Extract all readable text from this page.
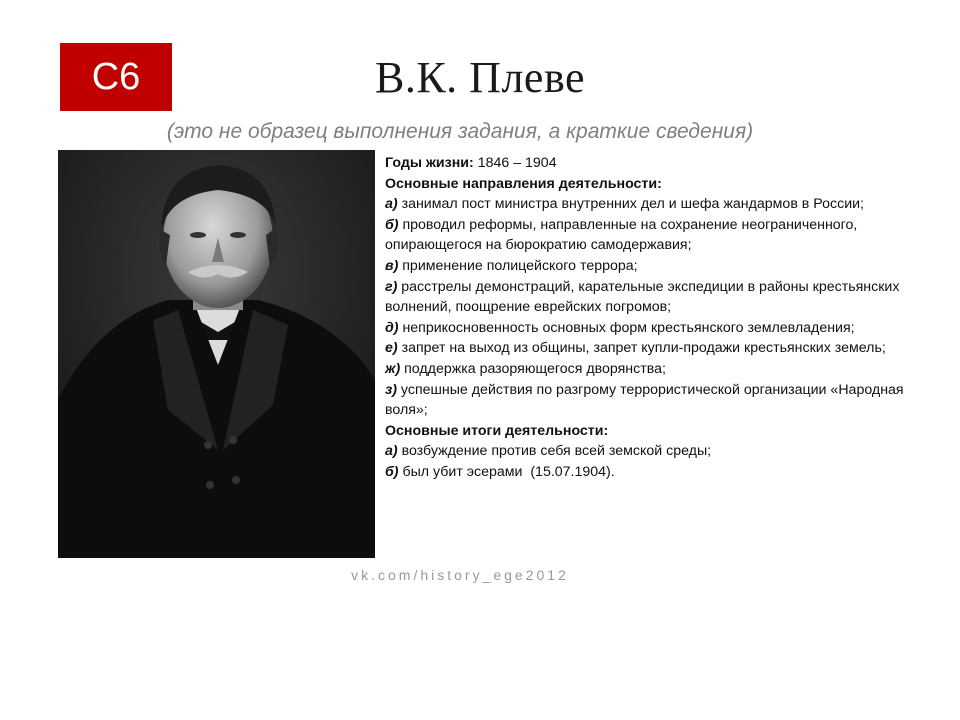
С6	В.К. Плеве
(это не образец выполнения задания, а краткие сведения)

Годы жизни: 1846 – 1904

Основные направления деятельности:

а) занимал пост министра внутренних дел и шефа жандармов в России;

б) проводил реформы, направленные на сохранение неограниченного, опирающегося на бюрократию самодержавия;

в) применение полицейского террора;

г) расстрелы демонстраций, карательные экспедиции в районы крестьянских волнений, поощрение еврейских погромов;

д) неприкосновенность основных форм крестьянского землевладения;

е) запрет на выход из общины, запрет купли-продажи крестьянских земель;

ж) поддержка разоряющегося дворянства;

з) успешные действия по разгрому террористической организации «Народная воля»;

Основные итоги деятельности:

а) возбуждение против себя всей земской среды;

б) был убит эсерами  (15.07.1904).

vk.com/history_ege2012
